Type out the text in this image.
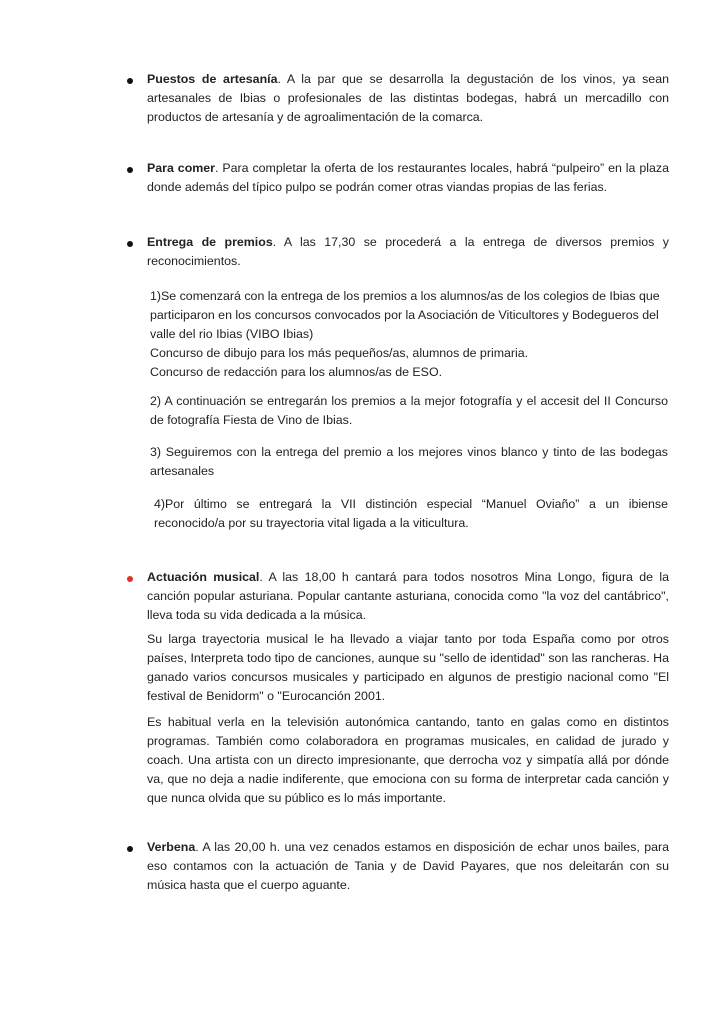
Puestos de artesanía. A la par que se desarrolla la degustación de los vinos, ya sean artesanales de Ibias o profesionales de las distintas bodegas, habrá un mercadillo con productos de artesanía y de agroalimentación de la comarca.

Para comer. Para completar la oferta de los restaurantes locales, habrá “pulpeiro” en la plaza donde además del típico pulpo se podrán comer otras viandas propias de las ferias.

Entrega de premios. A las 17,30 se procederá a la entrega de diversos premios y reconocimientos.

1)Se comenzará con la entrega de los premios a los alumnos/as de los colegios de Ibias que participaron en los concursos convocados por la Asociación de Viticultores y Bodegueros del valle del rio Ibias (VIBO Ibias)

Concurso de dibujo para los más pequeños/as, alumnos de primaria.

Concurso de redacción para los alumnos/as de ESO.

2) A continuación se entregarán los premios a la mejor fotografía y el accesit del II Concurso de fotografía Fiesta de Vino de Ibias.

3) Seguiremos con la entrega del premio a los mejores vinos blanco y tinto de las bodegas artesanales

4)Por último se entregará la VII distinción especial “Manuel Oviaño” a un ibiense reconocido/a por su trayectoria vital ligada a la viticultura.

Actuación musical. A las 18,00 h cantará para todos nosotros Mina Longo, figura de la canción popular asturiana. Popular cantante asturiana, conocida como "la voz del cantábrico", lleva toda su vida dedicada a la música.

Su larga trayectoria musical le ha llevado a viajar tanto por toda España como por otros países, Interpreta todo tipo de canciones, aunque su "sello de identidad" son las rancheras. Ha ganado varios concursos musicales y participado en algunos de prestigio nacional como "El festival de Benidorm" o "Eurocanción 2001.

Es habitual verla en la televisión autonómica cantando, tanto en galas como en distintos programas. También como colaboradora en programas musicales, en calidad de jurado y coach. Una artista con un directo impresionante, que derrocha voz y simpatía allá por dónde va, que no deja a nadie indiferente, que emociona con su forma de interpretar cada canción y que nunca olvida que su público es lo más importante.

Verbena. A las 20,00 h. una vez cenados estamos en disposición de echar unos bailes, para eso contamos con la actuación de Tania y de David Payares, que nos deleitarán con su música hasta que el cuerpo aguante.
